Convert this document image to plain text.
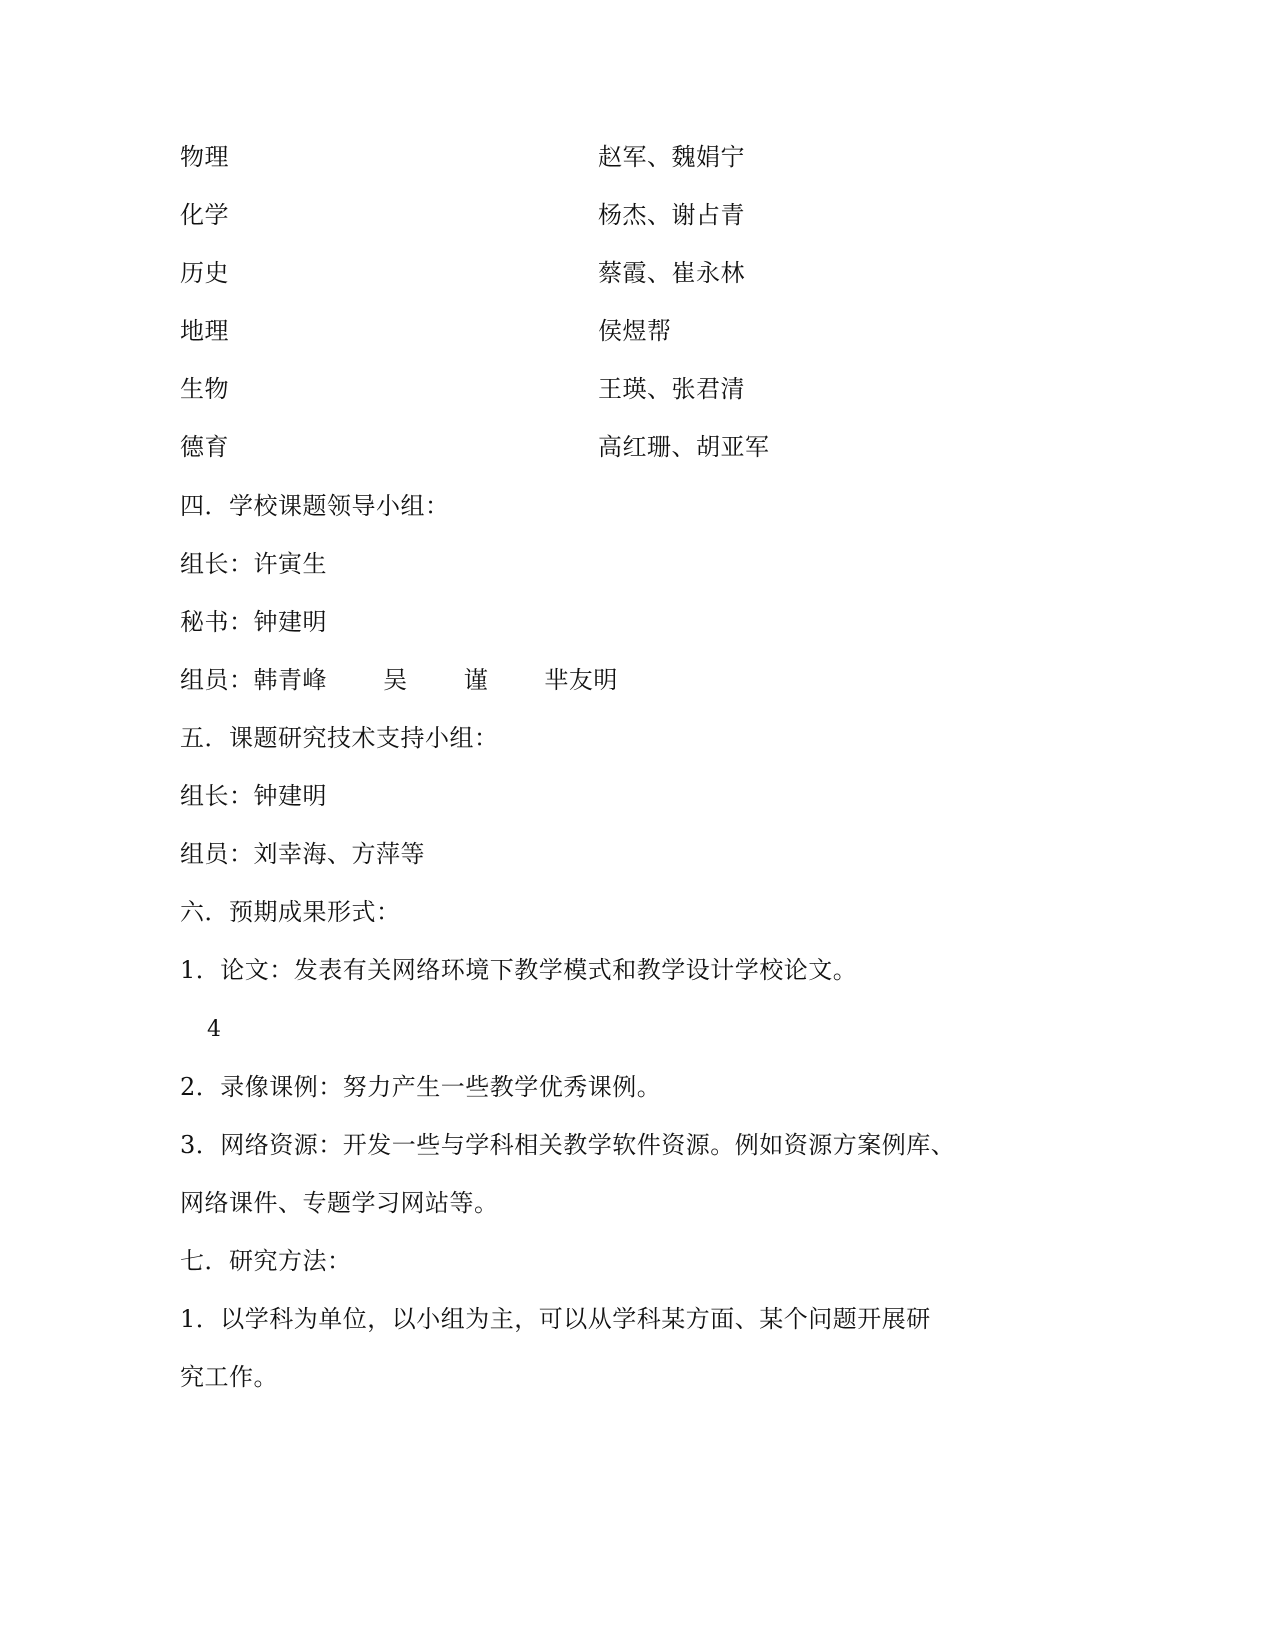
物理	赵军、魏娟宁
化学	杨杰、谢占青
历史	蔡霞、崔永林
地理	侯煜帮
生物	王瑛、张君清
德育	高红珊、胡亚军
四．学校课题领导小组：
组长：许寅生
秘书：钟建明
组员：韩青峰 吴 谨 芈友明
五．课题研究技术支持小组：
组长：钟建明
组员：刘幸海、方萍等
六．预期成果形式：
1．论文：发表有关网络环境下教学模式和教学设计学校论文。
4
2．录像课例：努力产生一些教学优秀课例。
3．网络资源：开发一些与学科相关教学软件资源。例如资源方案例库、
网络课件、专题学习网站等。
七．研究方法：
1．以学科为单位，以小组为主，可以从学科某方面、某个问题开展研
究工作。
